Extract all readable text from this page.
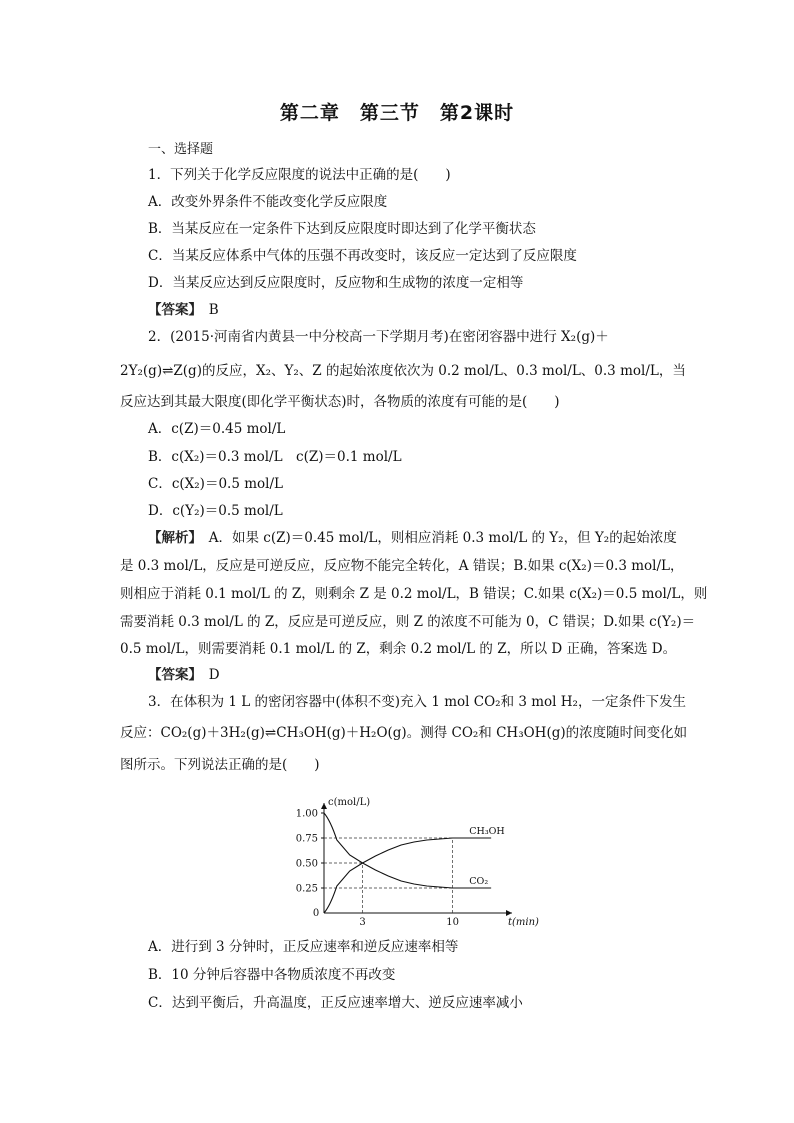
第二章　第三节　第2课时
一、选择题
1．下列关于化学反应限度的说法中正确的是(　　)
A．改变外界条件不能改变化学反应限度
B．当某反应在一定条件下达到反应限度时即达到了化学平衡状态
C．当某反应体系中气体的压强不再改变时，该反应一定达到了反应限度
D．当某反应达到反应限度时，反应物和生成物的浓度一定相等
【答案】　 B
2．(2015·河南省内黄县一中分校高一下学期月考)在密闭容器中进行 X₂(g)＋
2Y₂(g)⇌Z(g)的反应，X₂、Y₂、Z 的起始浓度依次为 0.2 mol/L、0.3 mol/L、0.3 mol/L，当
反应达到其最大限度(即化学平衡状态)时，各物质的浓度有可能的是(　　)
A．c(Z)＝0.45 mol/L
B．c(X₂)＝0.3 mol/L　c(Z)＝0.1 mol/L
C．c(X₂)＝0.5 mol/L
D．c(Y₂)＝0.5 mol/L
【解析】　 A．如果 c(Z)＝0.45 mol/L，则相应消耗 0.3 mol/L 的 Y₂，但 Y₂的起始浓度
是 0.3 mol/L，反应是可逆反应，反应物不能完全转化，A 错误；B.如果 c(X₂)＝0.3 mol/L，
则相应于消耗 0.1 mol/L 的 Z，则剩余 Z 是 0.2 mol/L，B 错误；C.如果 c(X₂)＝0.5 mol/L，则
需要消耗 0.3 mol/L 的 Z，反应是可逆反应，则 Z 的浓度不可能为 0，C 错误；D.如果 c(Y₂)＝
0.5 mol/L，则需要消耗 0.1 mol/L 的 Z，剩余 0.2 mol/L 的 Z，所以 D 正确，答案选 D。
【答案】　 D
3．在体积为 1 L 的密闭容器中(体积不变)充入 1 mol CO₂和 3 mol H₂，一定条件下发生
反应：CO₂(g)＋3H₂(g)⇌CH₃OH(g)＋H₂O(g)。测得 CO₂和 CH₃OH(g)的浓度随时间变化如
图所示。下列说法正确的是(　　)
0.25
0.50
0.75
1.00
3	10
0
c(mol/L)
t(min)
CH₃OH
CO₂
A．进行到 3 分钟时，正反应速率和逆反应速率相等
B．10 分钟后容器中各物质浓度不再改变
C．达到平衡后，升高温度，正反应速率增大、逆反应速率减小
